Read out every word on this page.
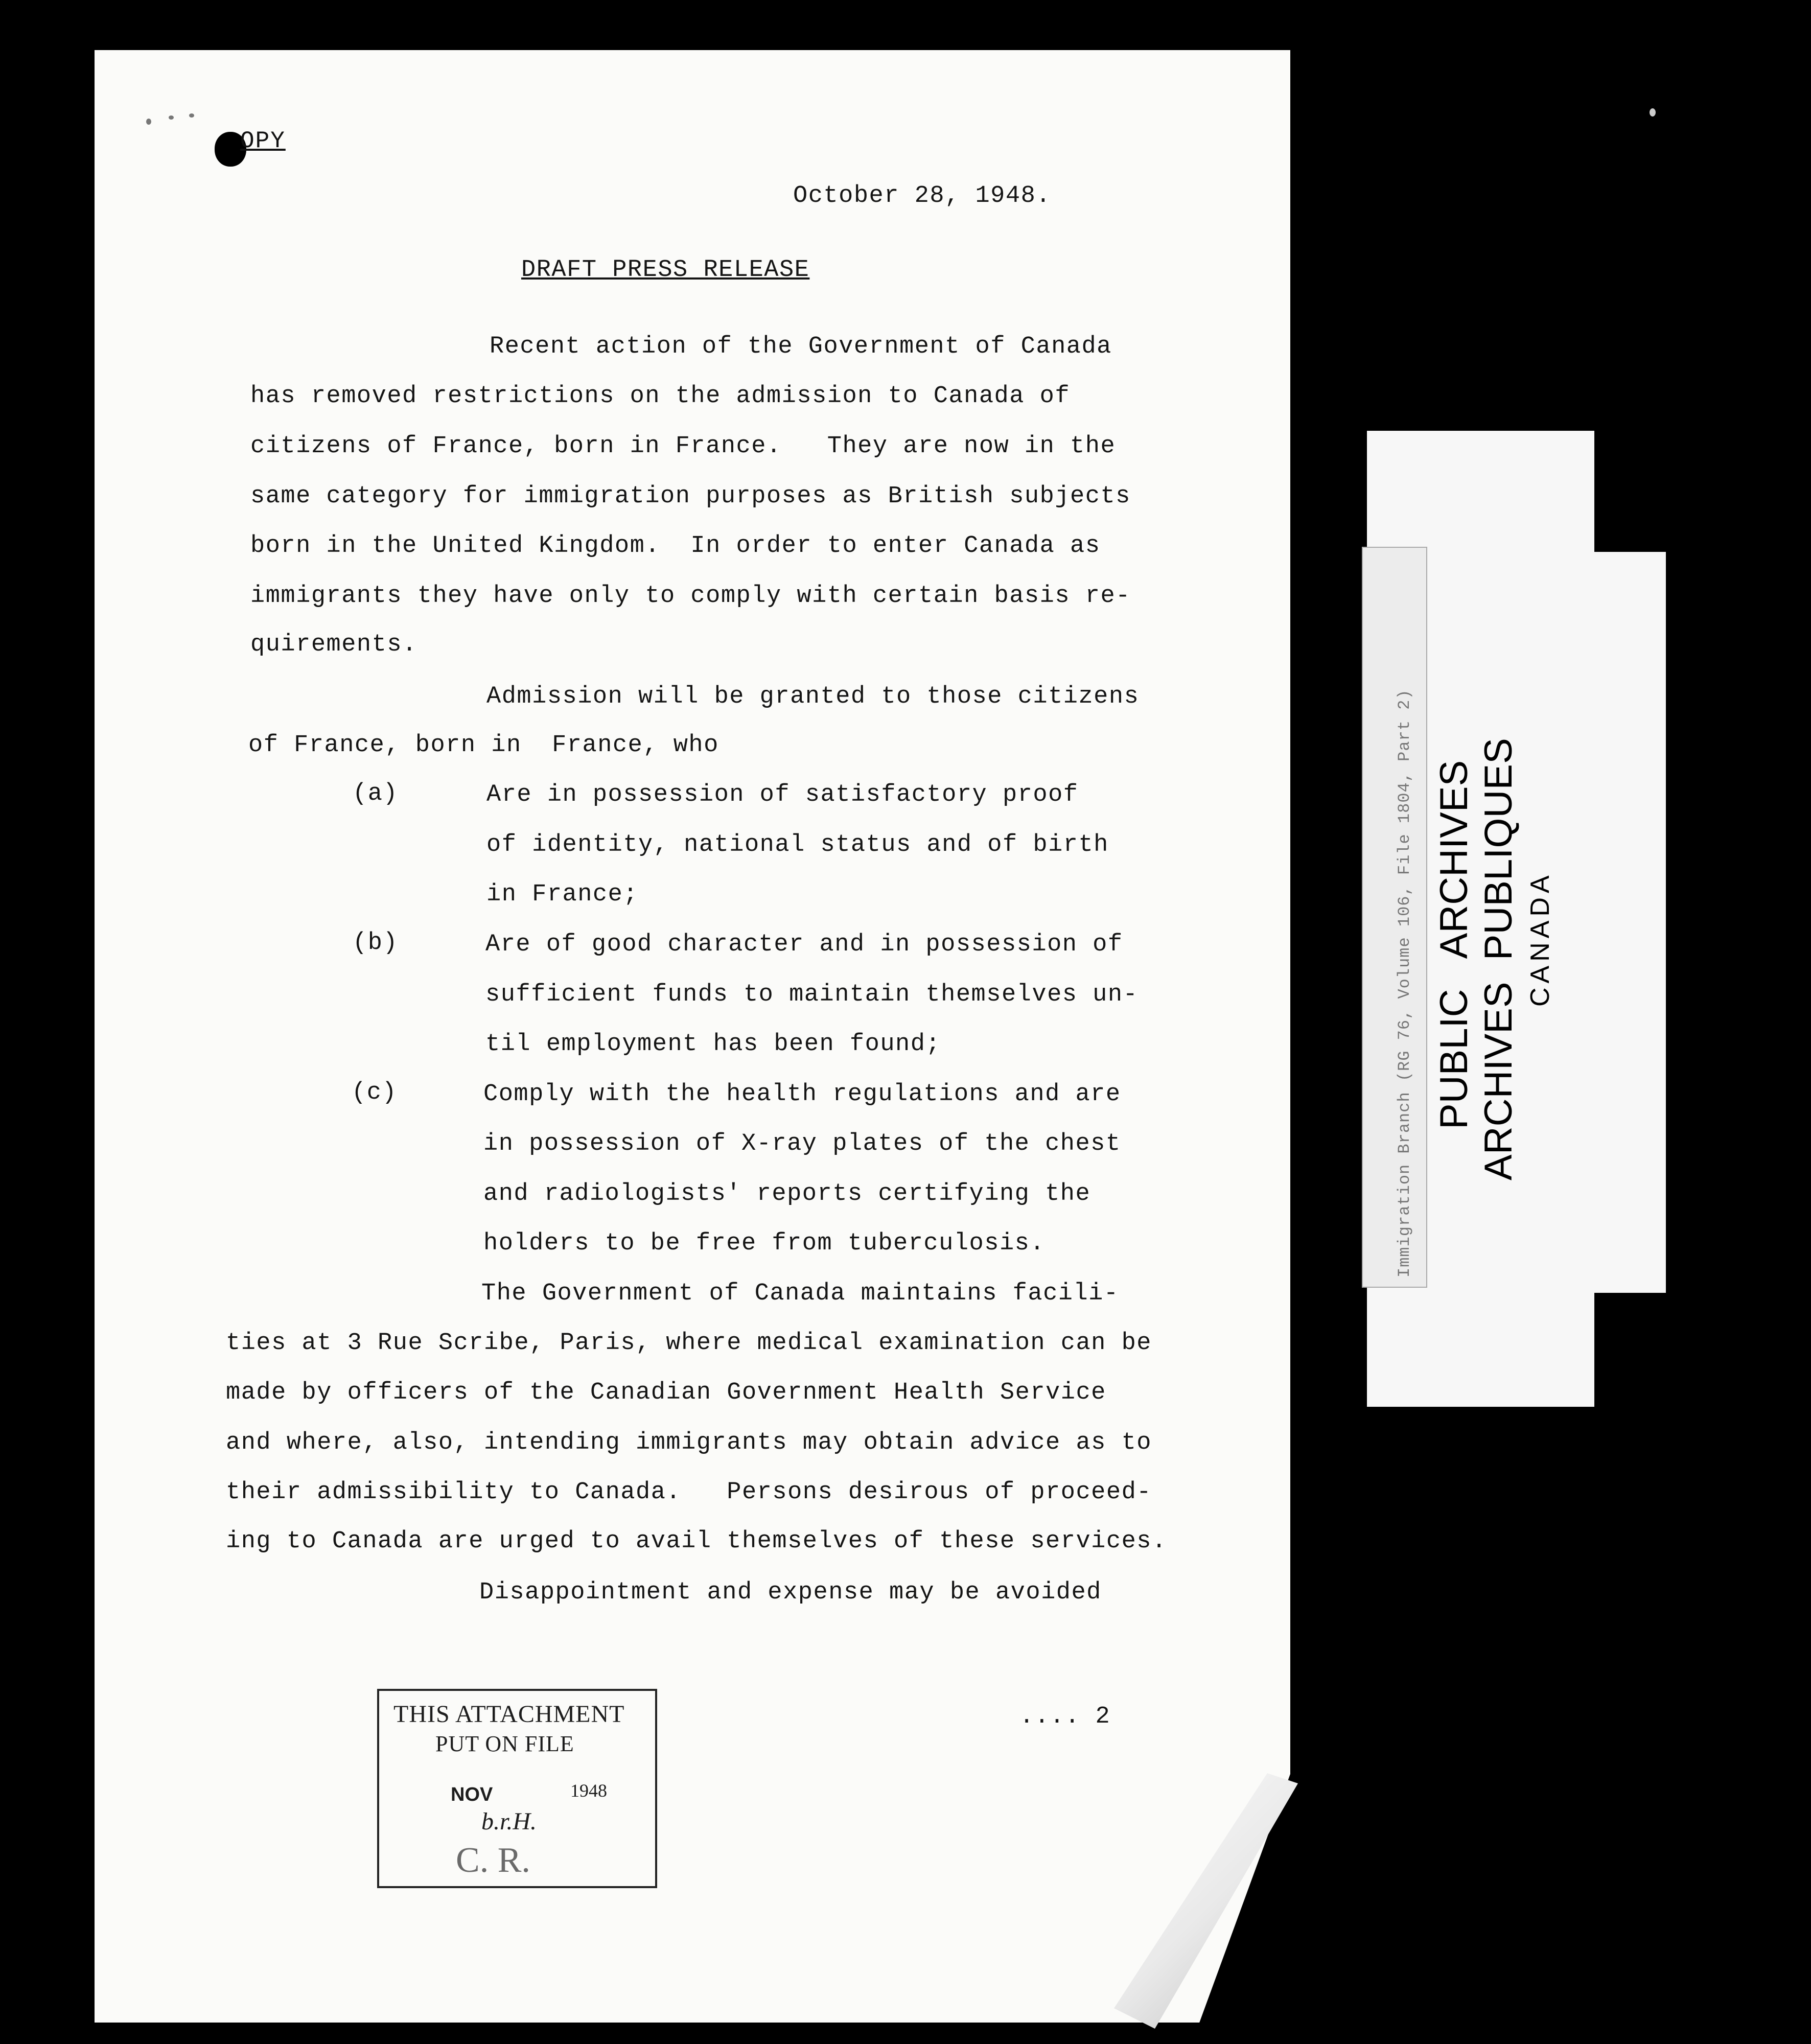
OPY
October 28, 1948.
DRAFT PRESS RELEASE
Recent action of the Government of Canada
has removed restrictions on the admission to Canada of
citizens of France, born in France.   They are now in the
same category for immigration purposes as British subjects
born in the United Kingdom.  In order to enter Canada as
immigrants they have only to comply with certain basis re-
quirements.
Admission will be granted to those citizens
of France, born in  France, who
(a)	Are in possession of satisfactory proof
of identity, national status and of birth
in France;
(b)	Are of good character and in possession of
sufficient funds to maintain themselves un-
til employment has been found;
(c)	Comply with the health regulations and are
in possession of X-ray plates of the chest
and radiologists' reports certifying the
holders to be free from tuberculosis.
The Government of Canada maintains facili-
ties at 3 Rue Scribe, Paris, where medical examination can be
made by officers of the Canadian Government Health Service
and where, also, intending immigrants may obtain advice as to
their admissibility to Canada.   Persons desirous of proceed-
ing to Canada are urged to avail themselves of these services.
Disappointment and expense may be avoided
.... 2
THIS ATTACHMENT
PUT ON FILE
NOV	1948
b.r.H.
C. R.
Immigration Branch (RG 76, Volume 106, File 1804, Part 2) PUBLIC   ARCHIVES ARCHIVES  PUBLIQUES CANADA
